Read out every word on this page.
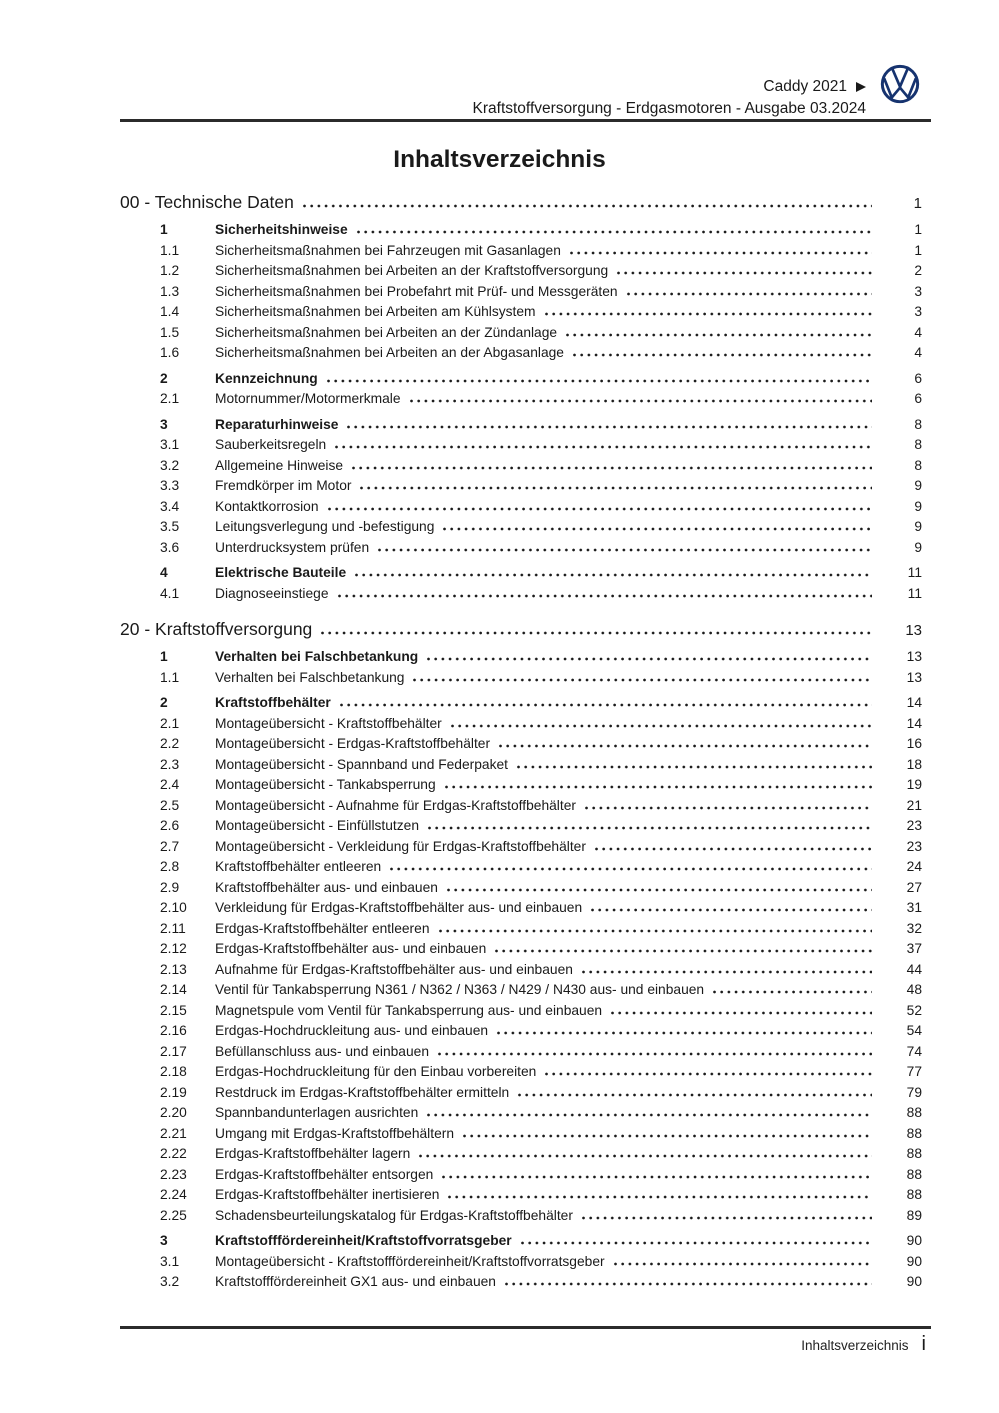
Caddy 2021
Kraftstoffversorgung - Erdgasmotoren - Ausgabe 03.2024
Inhaltsverzeichnis
00 - Technische Daten	1
1	Sicherheitshinweise	1
1.1	Sicherheitsmaßnahmen bei Fahrzeugen mit Gasanlagen	1
1.2	Sicherheitsmaßnahmen bei Arbeiten an der Kraftstoffversorgung	2
1.3	Sicherheitsmaßnahmen bei Probefahrt mit Prüf- und Messgeräten	3
1.4	Sicherheitsmaßnahmen bei Arbeiten am Kühlsystem	3
1.5	Sicherheitsmaßnahmen bei Arbeiten an der Zündanlage	4
1.6	Sicherheitsmaßnahmen bei Arbeiten an der Abgasanlage	4
2	Kennzeichnung	6
2.1	Motornummer/Motormerkmale	6
3	Reparaturhinweise	8
3.1	Sauberkeitsregeln	8
3.2	Allgemeine Hinweise	8
3.3	Fremdkörper im Motor	9
3.4	Kontaktkorrosion	9
3.5	Leitungsverlegung und -befestigung	9
3.6	Unterdrucksystem prüfen	9
4	Elektrische Bauteile	11
4.1	Diagnoseeinstiege	11
20 - Kraftstoffversorgung	13
1	Verhalten bei Falschbetankung	13
1.1	Verhalten bei Falschbetankung	13
2	Kraftstoffbehälter	14
2.1	Montageübersicht - Kraftstoffbehälter	14
2.2	Montageübersicht - Erdgas-Kraftstoffbehälter	16
2.3	Montageübersicht - Spannband und Federpaket	18
2.4	Montageübersicht - Tankabsperrung	19
2.5	Montageübersicht - Aufnahme für Erdgas-Kraftstoffbehälter	21
2.6	Montageübersicht - Einfüllstutzen	23
2.7	Montageübersicht - Verkleidung für Erdgas-Kraftstoffbehälter	23
2.8	Kraftstoffbehälter entleeren	24
2.9	Kraftstoffbehälter aus- und einbauen	27
2.10	Verkleidung für Erdgas-Kraftstoffbehälter aus- und einbauen	31
2.11	Erdgas-Kraftstoffbehälter entleeren	32
2.12	Erdgas-Kraftstoffbehälter aus- und einbauen	37
2.13	Aufnahme für Erdgas-Kraftstoffbehälter aus- und einbauen	44
2.14	Ventil für Tankabsperrung N361 / N362 / N363 / N429 / N430 aus- und einbauen	48
2.15	Magnetspule vom Ventil für Tankabsperrung aus- und einbauen	52
2.16	Erdgas-Hochdruckleitung aus- und einbauen	54
2.17	Befüllanschluss aus- und einbauen	74
2.18	Erdgas-Hochdruckleitung für den Einbau vorbereiten	77
2.19	Restdruck im Erdgas-Kraftstoffbehälter ermitteln	79
2.20	Spannbandunterlagen ausrichten	88
2.21	Umgang mit Erdgas-Kraftstoffbehältern	88
2.22	Erdgas-Kraftstoffbehälter lagern	88
2.23	Erdgas-Kraftstoffbehälter entsorgen	88
2.24	Erdgas-Kraftstoffbehälter inertisieren	88
2.25	Schadensbeurteilungskatalog für Erdgas-Kraftstoffbehälter	89
3	Kraftstofffördereinheit/Kraftstoffvorratsgeber	90
3.1	Montageübersicht - Kraftstofffördereinheit/Kraftstoffvorratsgeber	90
3.2	Kraftstofffördereinheit GX1 aus- und einbauen	90
Inhaltsverzeichnis i
